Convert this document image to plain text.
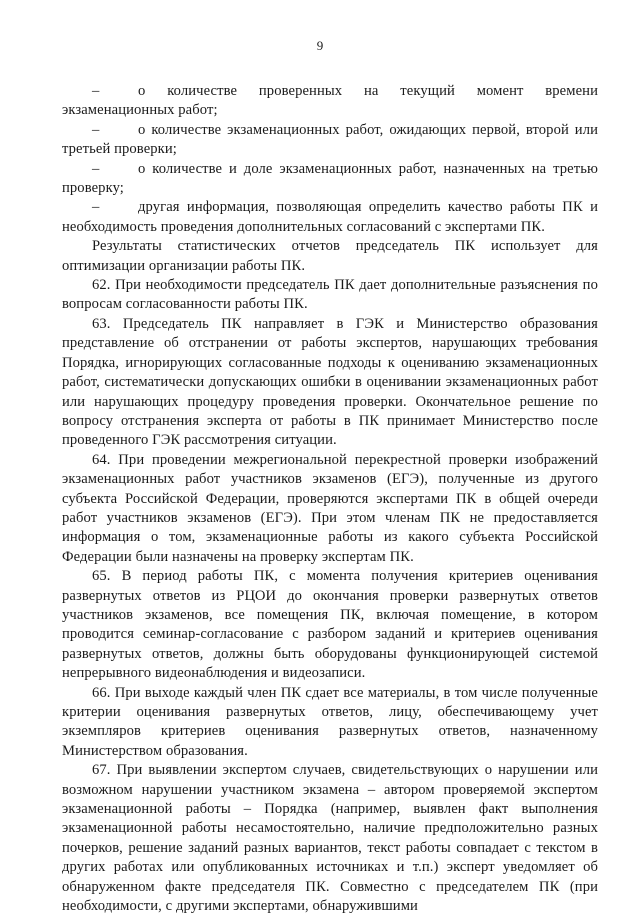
9

–	о количестве проверенных на текущий момент времени экзаменационных работ;

–	о количестве экзаменационных работ, ожидающих первой, второй или третьей проверки;

–	о количестве и доле экзаменационных работ, назначенных на третью проверку;

–	другая информация, позволяющая определить качество работы ПК и необходимость проведения дополнительных согласований с экспертами ПК.

Результаты статистических отчетов председатель ПК использует для оптимизации организации работы ПК.

62. При необходимости председатель ПК дает дополнительные разъяснения по вопросам согласованности работы ПК.

63. Председатель ПК направляет в ГЭК и Министерство образования представление об отстранении от работы экспертов, нарушающих требования Порядка, игнорирующих согласованные подходы к оцениванию экзаменационных работ, систематически допускающих ошибки в оценивании экзаменационных работ или нарушающих процедуру проведения проверки. Окончательное решение по вопросу отстранения эксперта от работы в ПК принимает Министерство после проведенного ГЭК рассмотрения ситуации.

64. При проведении межрегиональной перекрестной проверки изображений экзаменационных работ участников экзаменов (ЕГЭ), полученные из другого субъекта Российской Федерации, проверяются экспертами ПК в общей очереди работ участников экзаменов (ЕГЭ). При этом членам ПК не предоставляется информация о том, экзаменационные работы из какого субъекта Российской Федерации были назначены на проверку экспертам ПК.

65. В период работы ПК, с момента получения критериев оценивания развернутых ответов из РЦОИ до окончания проверки развернутых ответов участников экзаменов, все помещения ПК, включая помещение, в котором проводится семинар-согласование с разбором заданий и критериев оценивания развернутых ответов, должны быть оборудованы функционирующей системой непрерывного видеонаблюдения и видеозаписи.

66. При выходе каждый член ПК сдает все материалы, в том числе полученные критерии оценивания развернутых ответов, лицу, обеспечивающему учет экземпляров критериев оценивания развернутых ответов, назначенному Министерством образования.

67. При выявлении экспертом случаев, свидетельствующих о нарушении или возможном нарушении участником экзамена – автором проверяемой экспертом экзаменационной работы – Порядка (например, выявлен факт выполнения экзаменационной работы несамостоятельно, наличие предположительно разных почерков, решение заданий разных вариантов, текст работы совпадает с текстом в других работах или опубликованных источниках и т.п.) эксперт уведомляет об обнаруженном факте председателя ПК. Совместно с председателем ПК (при необходимости, с другими экспертами, обнаружившими
